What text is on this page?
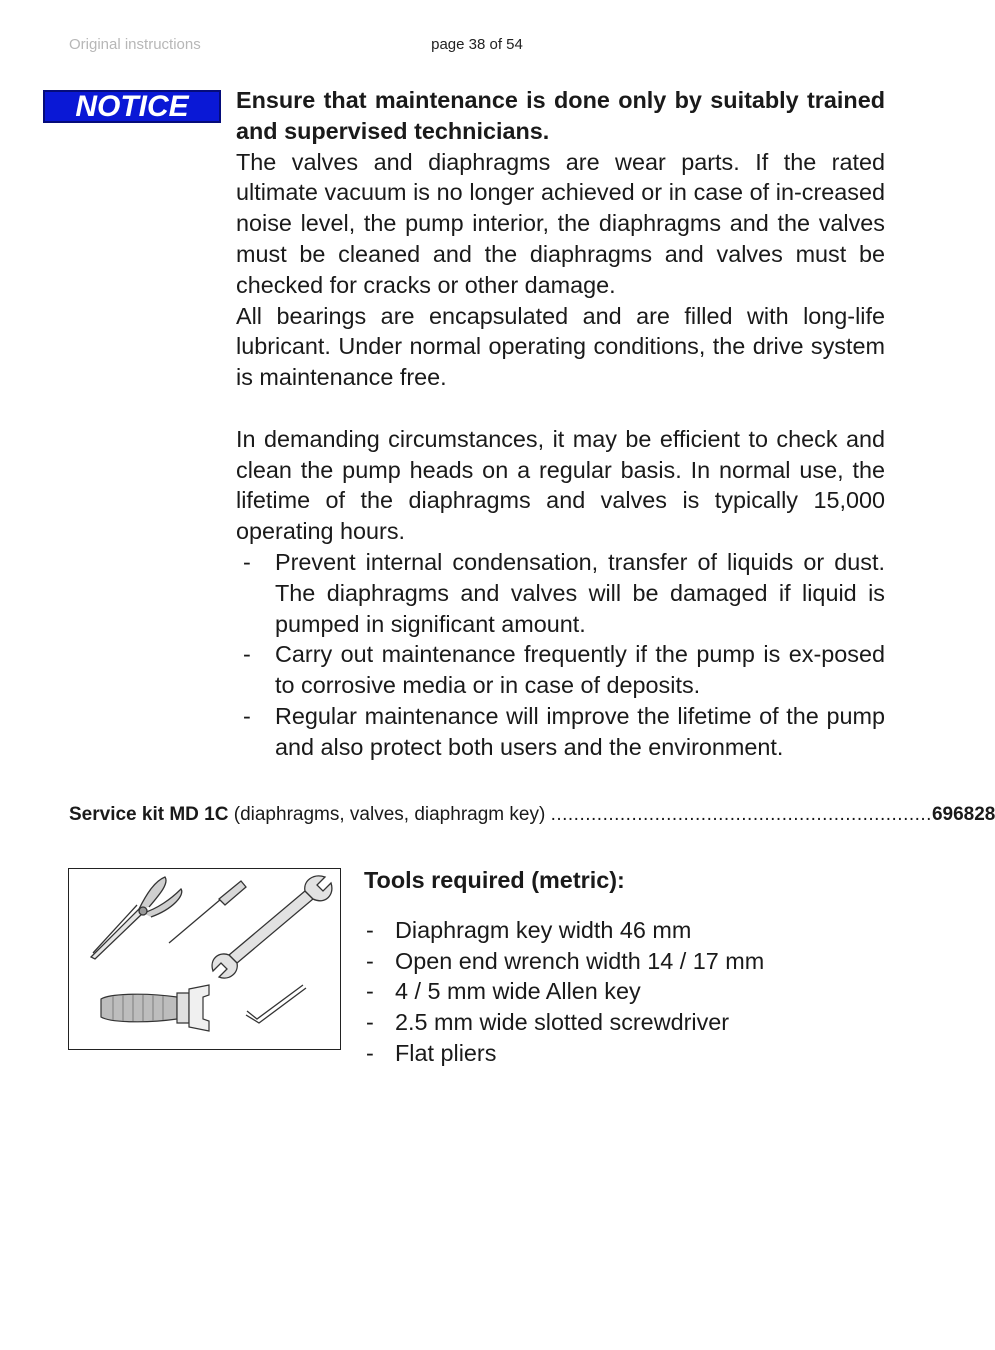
Original instructions	page 38 of 54
NOTICE	Ensure that maintenance is done only by suitably trained and supervised technicians.

The valves and diaphragms are wear parts. If the rated ultimate vacuum is no longer achieved or in case of in-creased noise level, the pump interior, the diaphragms and the valves must be cleaned and the diaphragms and valves must be checked for cracks or other damage.

All bearings are encapsulated and are filled with long-life lubricant. Under normal operating conditions, the drive system is maintenance free.

In demanding circumstances, it may be efficient to check and clean the pump heads on a regular basis. In normal use, the lifetime of the diaphragms and valves is typically 15,000 operating hours.

-	Prevent internal condensation, transfer of liquids or dust. The diaphragms and valves will be damaged if liquid is pumped in significant amount.
-	Carry out maintenance frequently if the pump is ex-posed to corrosive media or in case of deposits.
-	Regular maintenance will improve the lifetime of the pump and also protect both users and the environment.
Service kit MD 1C (diaphragms, valves, diaphragm key) .................................................................. 696828
Tools required (metric):
- Diaphragm key width 46 mm
- Open end wrench width 14 / 17 mm
- 4 / 5 mm wide Allen key
- 2.5 mm wide slotted screwdriver
- Flat pliers
